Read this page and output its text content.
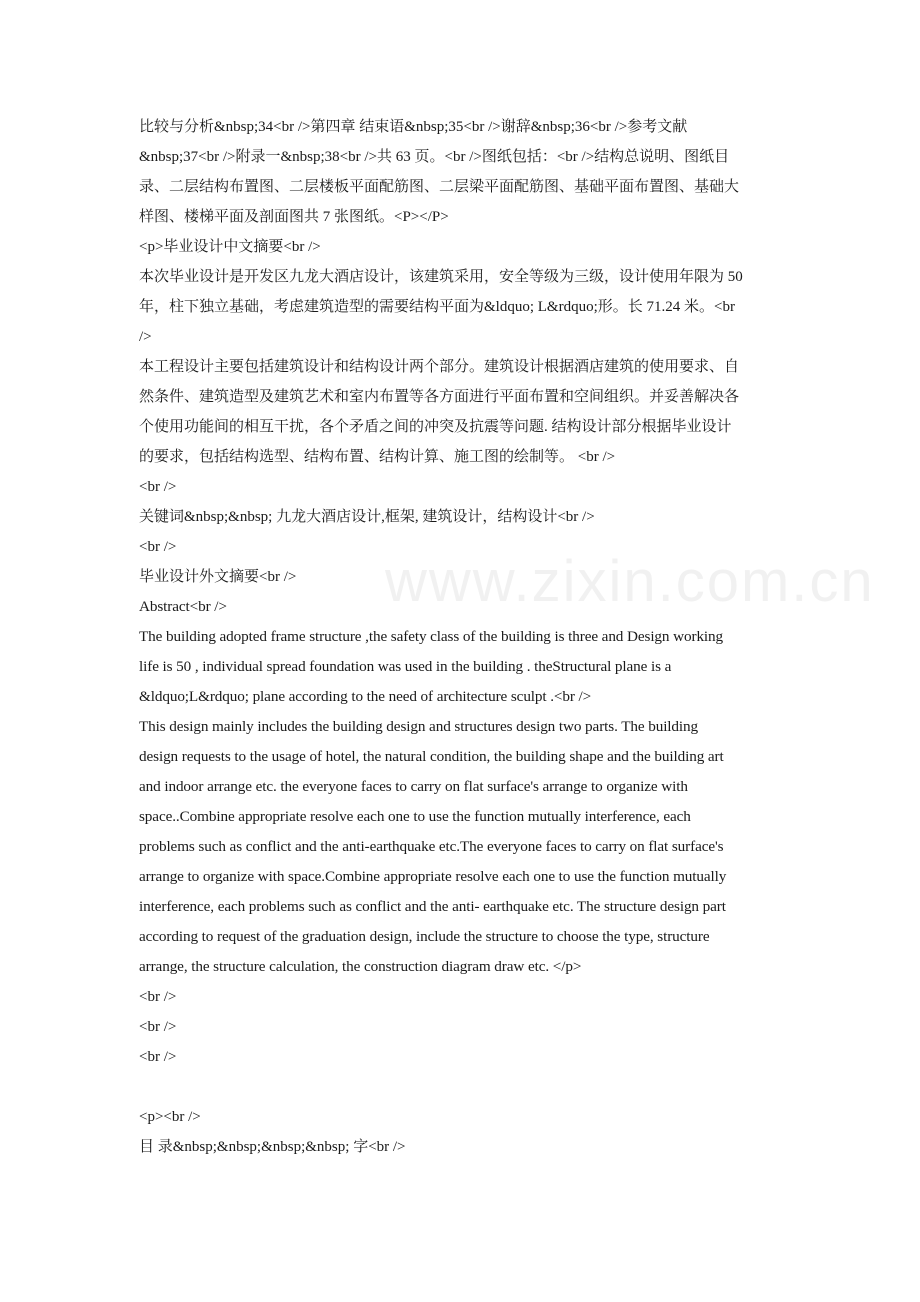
www.zixin.com.cn
比较与分析&nbsp;34<br />第四章 结束语&nbsp;35<br />谢辞&nbsp;36<br />参考文献
&nbsp;37<br />附录一&nbsp;38<br />共 63 页。<br />图纸包括：<br />结构总说明、图纸目
录、二层结构布置图、二层楼板平面配筋图、二层梁平面配筋图、基础平面布置图、基础大
样图、楼梯平面及剖面图共 7 张图纸。<P></P>
<p>毕业设计中文摘要<br />
本次毕业设计是开发区九龙大酒店设计，该建筑采用，安全等级为三级，设计使用年限为 50
年，柱下独立基础，考虑建筑造型的需要结构平面为&ldquo; L&rdquo;形。长 71.24 米。<br
/>
本工程设计主要包括建筑设计和结构设计两个部分。建筑设计根据酒店建筑的使用要求、自
然条件、建筑造型及建筑艺术和室内布置等各方面进行平面布置和空间组织。并妥善解决各
个使用功能间的相互干扰，各个矛盾之间的冲突及抗震等问题. 结构设计部分根据毕业设计
的要求，包括结构选型、结构布置、结构计算、施工图的绘制等。 <br />
<br />
关键词&nbsp;&nbsp; 九龙大酒店设计,框架, 建筑设计，结构设计<br />
<br />
毕业设计外文摘要<br />
Abstract<br />
The building adopted frame structure ,the safety class of the building is three and Design working
life is 50 , individual spread foundation was used in the building . theStructural plane is a
&ldquo;L&rdquo; plane according to the need of architecture sculpt .<br />
This design mainly includes the building design and structures design two parts. The building
design requests to the usage of hotel, the natural condition, the building shape and the building art
and indoor arrange etc. the everyone faces to carry on flat surface's arrange to organize with
space..Combine appropriate resolve each one to use the function mutually interference, each
problems such as conflict and the anti-earthquake etc.The everyone faces to carry on flat surface's
arrange to organize with space.Combine appropriate resolve each one to use the function mutually
interference, each problems such as conflict and the anti- earthquake etc. The structure design part
according to request of the graduation design, include the structure to choose the type, structure
arrange, the structure calculation, the construction diagram draw etc. </p>
<br />
<br />
<br />
<p><br />
目 录&nbsp;&nbsp;&nbsp;&nbsp; 字<br />
